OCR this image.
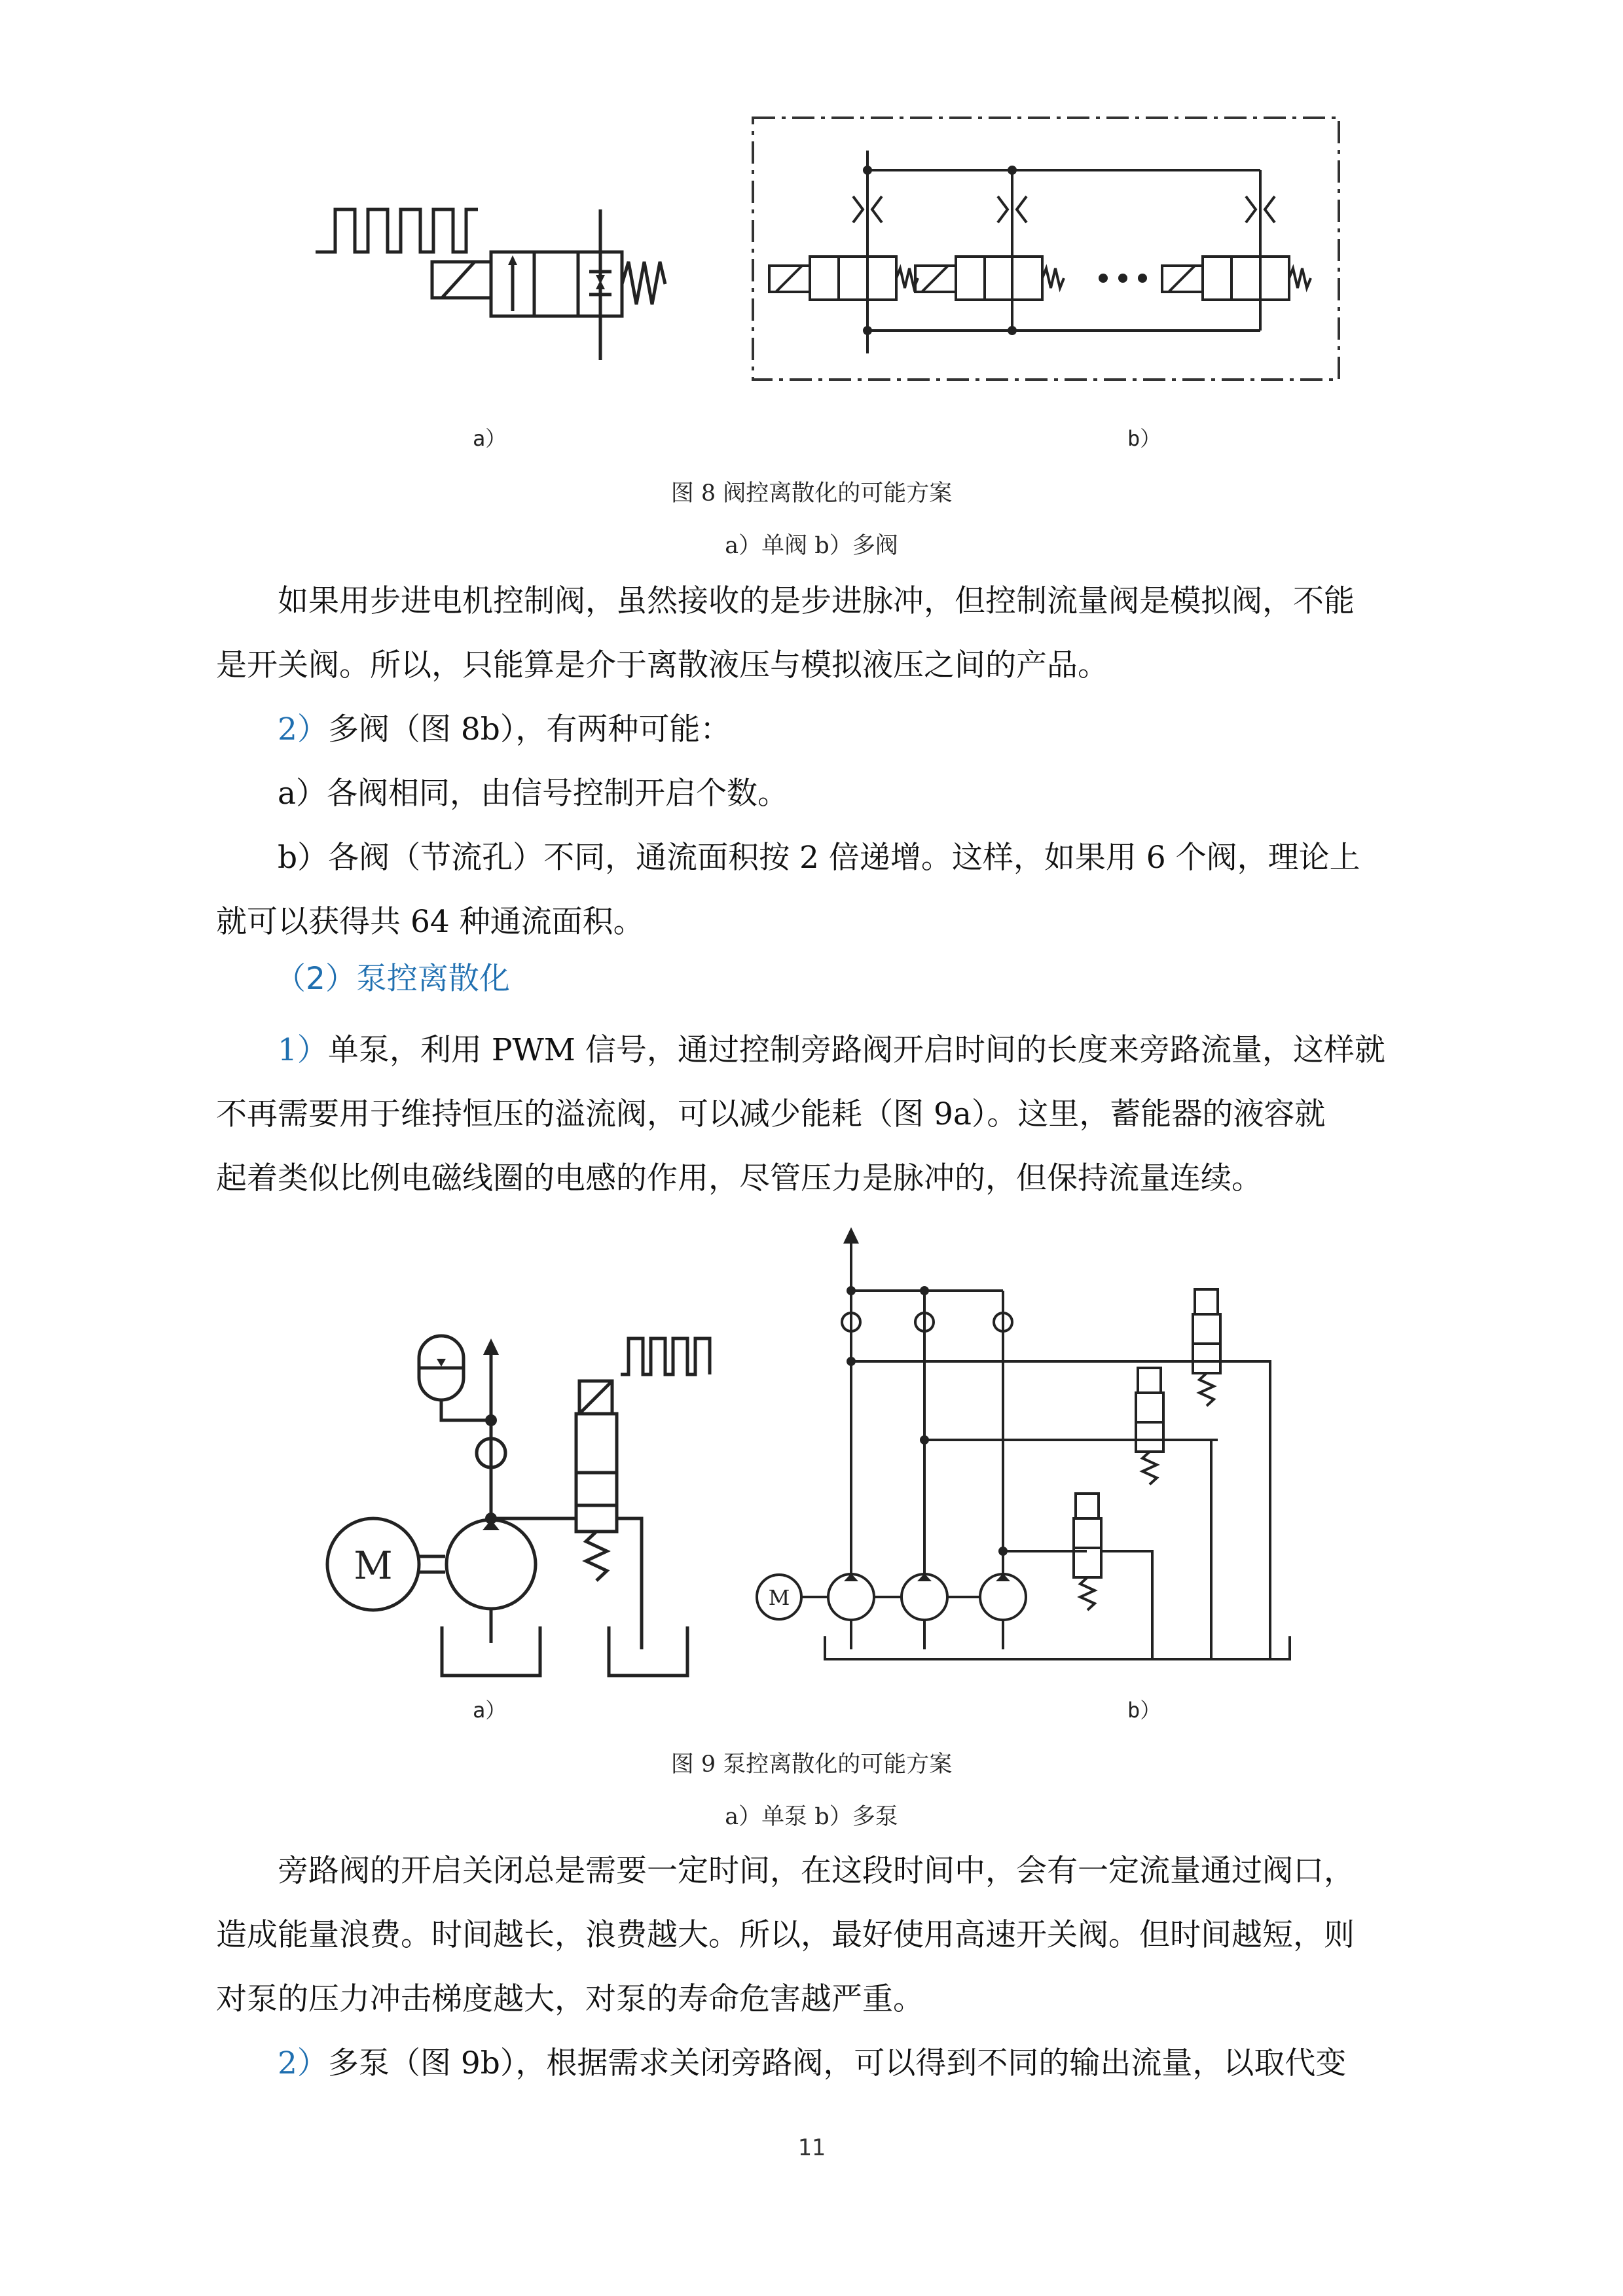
a）	b）
图 8 阀控离散化的可能方案
a）单阀 b）多阀

如果用步进电机控制阀，虽然接收的是步进脉冲，但控制流量阀是模拟阀，不能

是开关阀。所以，只能算是介于离散液压与模拟液压之间的产品。

2）多阀（图 8b），有两种可能：

a）各阀相同，由信号控制开启个数。

b）各阀（节流孔）不同，通流面积按 2 倍递增。这样，如果用 6 个阀，理论上

就可以获得共 64 种通流面积。

（2）泵控离散化

1）单泵，利用 PWM 信号，通过控制旁路阀开启时间的长度来旁路流量，这样就

不再需要用于维持恒压的溢流阀，可以减少能耗（图 9a）。这里，蓄能器的液容就

起着类似比例电磁线圈的电感的作用，尽管压力是脉冲的，但保持流量连续。

M
M
a）	b）
图 9 泵控离散化的可能方案
a）单泵 b）多泵

旁路阀的开启关闭总是需要一定时间，在这段时间中，会有一定流量通过阀口，

造成能量浪费。时间越长，浪费越大。所以，最好使用高速开关阀。但时间越短，则

对泵的压力冲击梯度越大，对泵的寿命危害越严重。

2）多泵（图 9b），根据需求关闭旁路阀，可以得到不同的输出流量，以取代变

11
